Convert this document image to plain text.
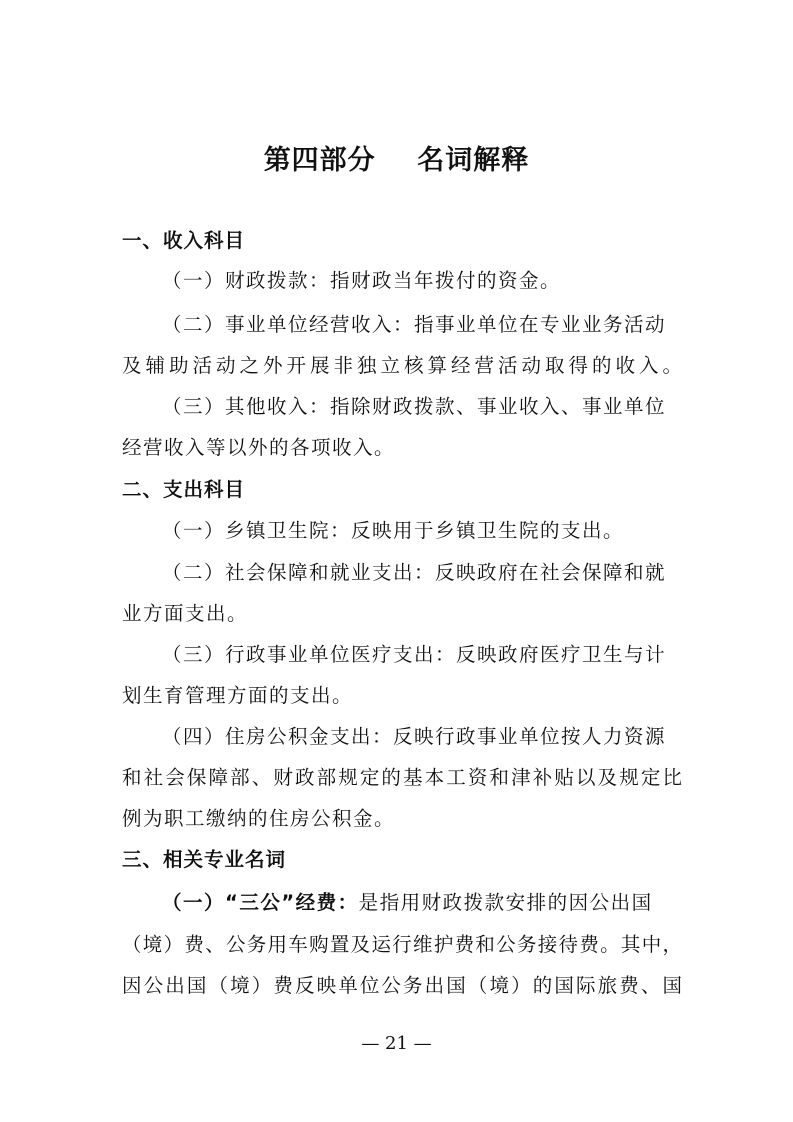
第四部分    名词解释
一、收入科目
（一）财政拨款：指财政当年拨付的资金。
（二）事业单位经营收入：指事业单位在专业业务活动
及辅助活动之外开展非独立核算经营活动取得的收入。
（三）其他收入：指除财政拨款、事业收入、事业单位
经营收入等以外的各项收入。
二、支出科目
（一）乡镇卫生院：反映用于乡镇卫生院的支出。
（二）社会保障和就业支出：反映政府在社会保障和就
业方面支出。
（三）行政事业单位医疗支出：反映政府医疗卫生与计
划生育管理方面的支出。
（四）住房公积金支出：反映行政事业单位按人力资源
和社会保障部、财政部规定的基本工资和津补贴以及规定比
例为职工缴纳的住房公积金。
三、相关专业名词
（一）“三公”经费：是指用财政拨款安排的因公出国
（境）费、公务用车购置及运行维护费和公务接待费。其中，
因公出国（境）费反映单位公务出国（境）的国际旅费、国
— 21 —
